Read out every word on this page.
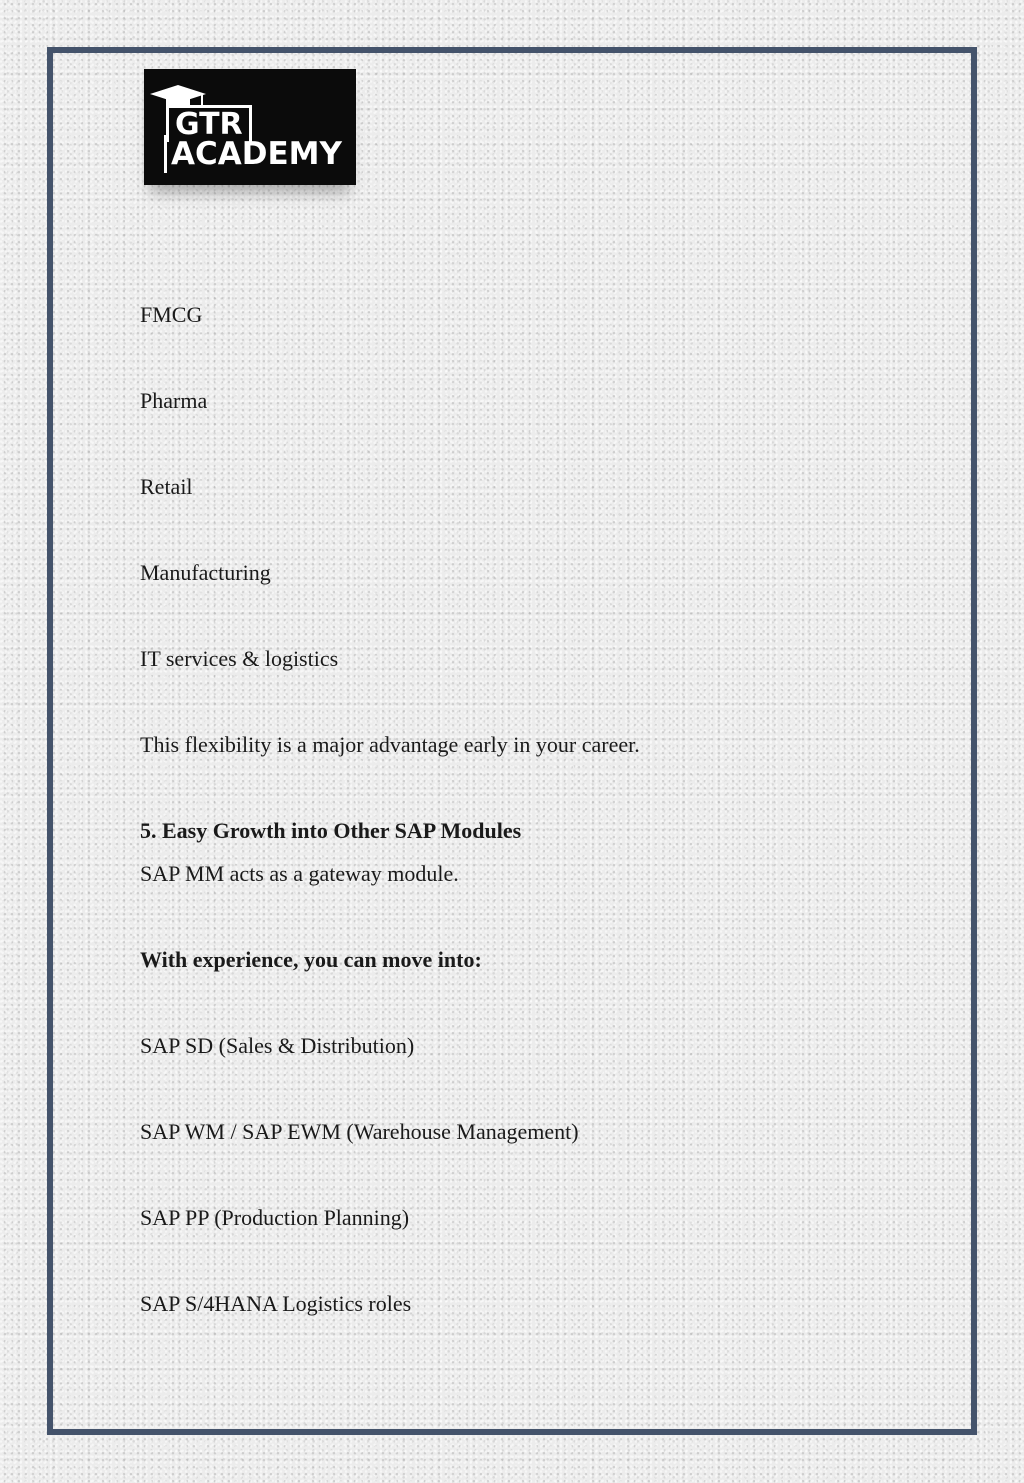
GTR
ACADEMY
FMCG
Pharma
Retail
Manufacturing
IT services & logistics
This flexibility is a major advantage early in your career.
5. Easy Growth into Other SAP Modules
SAP MM acts as a gateway module.
With experience, you can move into:
SAP SD (Sales & Distribution)
SAP WM / SAP EWM (Warehouse Management)
SAP PP (Production Planning)
SAP S/4HANA Logistics roles
